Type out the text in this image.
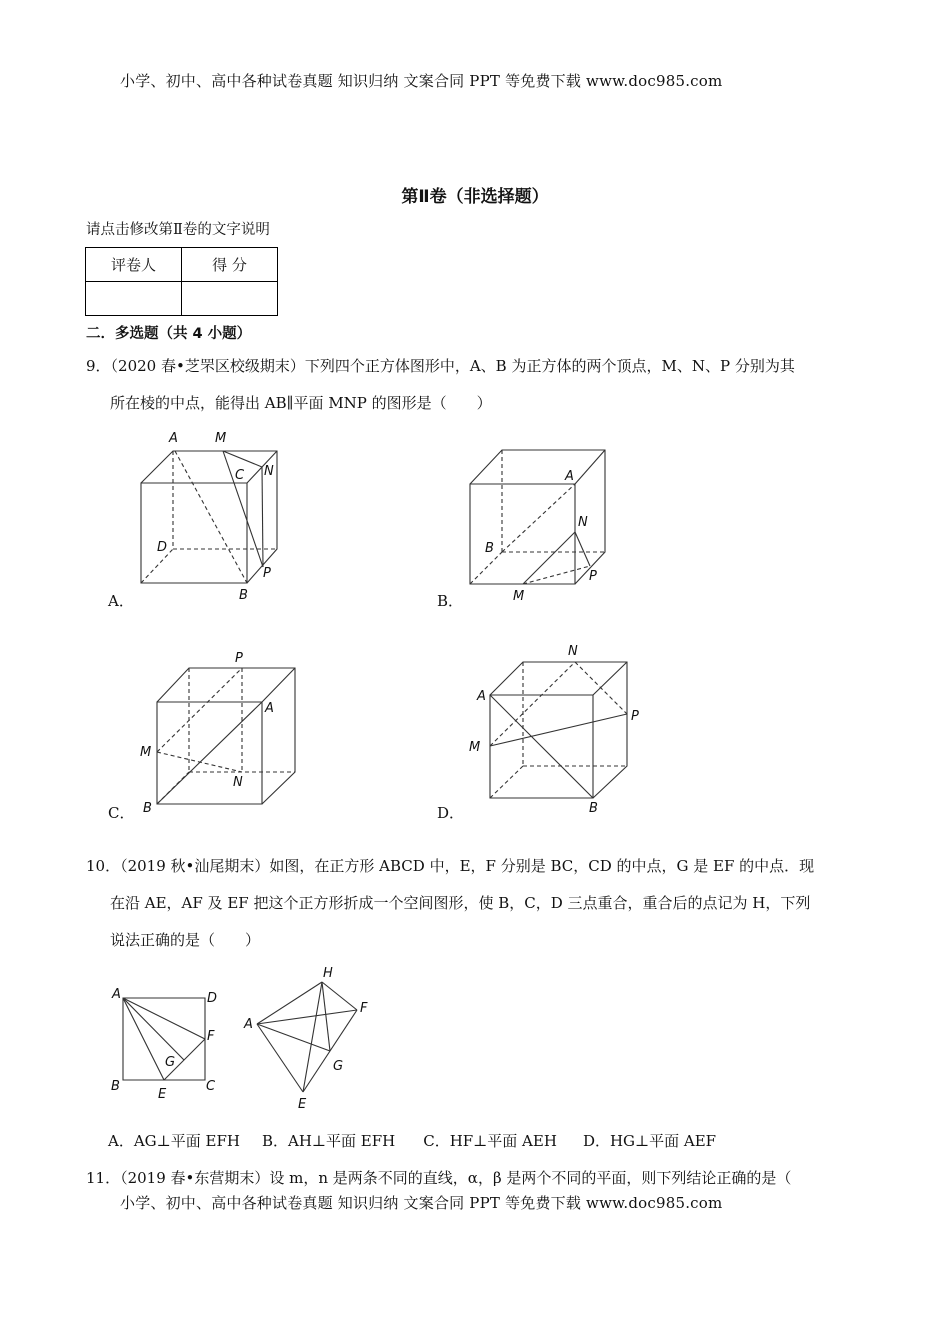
小学、初中、高中各种试卷真题 知识归纳 文案合同 PPT 等免费下载 www.doc985.com
第Ⅱ卷（非选择题）
请点击修改第Ⅱ卷的文字说明
评卷人	得 分

二．多选题（共 4 小题）
9．（2020 春•芝罘区校级期末）下列四个正方体图形中，A、B 为正方体的两个顶点，M、N、P 分别为其
所在棱的中点，能得出 AB∥平面 MNP 的图形是（　　）
A	M
C N
D
P
B
A．
A
N
B
P
M
B．
P
A
M
N
B
C．
N
A
P
M
B
D．
10．（2019 秋•汕尾期末）如图，在正方形 ABCD 中，E，F 分别是 BC，CD 的中点，G 是 EF 的中点．现
在沿 AE，AF 及 EF 把这个正方形折成一个空间图形，使 B，C，D 三点重合，重合后的点记为 H，下列
说法正确的是（　　）
A	D
F
G
B
E
C
H
A
F
G
E
A．AG⊥平面 EFH B．AH⊥平面 EFH C．HF⊥平面 AEH D．HG⊥平面 AEF
11．（2019 春•东营期末）设 m，n 是两条不同的直线，α，β 是两个不同的平面，则下列结论正确的是（
小学、初中、高中各种试卷真题 知识归纳 文案合同 PPT 等免费下载 www.doc985.com
